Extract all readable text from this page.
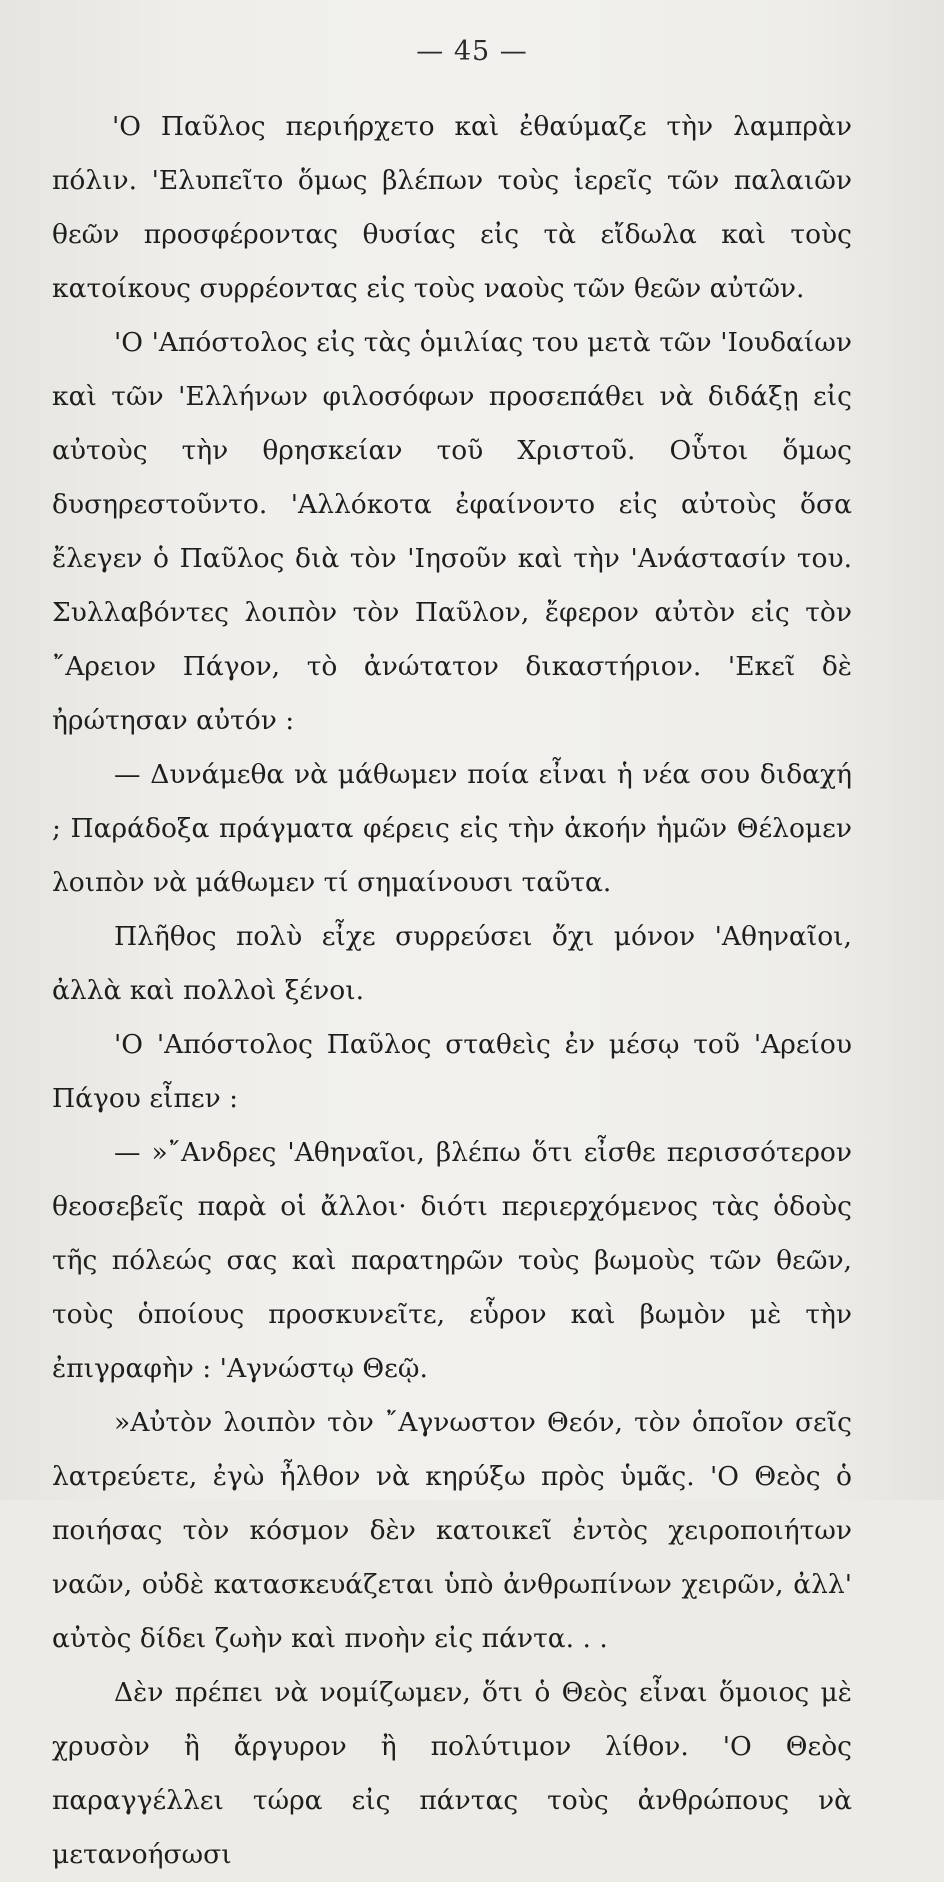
— 45 —

'Ο Παῦλος περιήρχετο καὶ ἐθαύμαζε τὴν λαμπρὰν πόλιν. 'Ελυπεῖτο ὅμως βλέπων τοὺς ἱερεῖς τῶν παλαιῶν θεῶν προσφέροντας θυσίας εἰς τὰ εἴδωλα καὶ τοὺς κατοίκους συρρέοντας εἰς τοὺς ναοὺς τῶν θεῶν αὐτῶν.

'Ο 'Απόστολος εἰς τὰς ὁμιλίας του μετὰ τῶν 'Ιουδαίων καὶ τῶν 'Ελλήνων φιλοσόφων προσεπάθει νὰ διδάξῃ εἰς αὐτοὺς τὴν θρησκείαν τοῦ Χριστοῦ. Οὗτοι ὅμως δυσηρεστοῦντο. 'Αλλόκοτα ἐφαίνοντο εἰς αὐτοὺς ὅσα ἔλεγεν ὁ Παῦλος διὰ τὸν 'Ιησοῦν καὶ τὴν 'Ανάστασίν του. Συλλαβόντες λοιπὸν τὸν Παῦλον, ἔφερον αὐτὸν εἰς τὸν ῎Αρειον Πάγον, τὸ ἀνώτατον δικαστήριον. 'Εκεῖ δὲ ἠρώτησαν αὐτόν :

— Δυνάμεθα νὰ μάθωμεν ποία εἶναι ἡ νέα σου διδαχή ; Παράδοξα πράγματα φέρεις εἰς τὴν ἀκοήν ἡμῶν Θέλομεν λοιπὸν νὰ μάθωμεν τί σημαίνουσι ταῦτα.

Πλῆθος πολὺ εἶχε συρρεύσει ὄχι μόνον 'Αθηναῖοι, ἀλλὰ καὶ πολλοὶ ξένοι.

'Ο 'Απόστολος Παῦλος σταθεὶς ἐν μέσῳ τοῦ 'Αρείου Πάγου εἶπεν :

— »῎Ανδρες 'Αθηναῖοι, βλέπω ὅτι εἶσθε περισσότερον θεοσεβεῖς παρὰ οἱ ἄλλοι· διότι περιερχόμενος τὰς ὁδοὺς τῆς πόλεώς σας καὶ παρατηρῶν τοὺς βωμοὺς τῶν θεῶν, τοὺς ὁποίους προσκυνεῖτε, εὗρον καὶ βωμὸν μὲ τὴν ἐπιγραφὴν : 'Αγνώστῳ Θεῷ.

»Αὐτὸν λοιπὸν τὸν ῎Αγνωστον Θεόν, τὸν ὁποῖον σεῖς λατρεύετε, ἐγὼ ἦλθον νὰ κηρύξω πρὸς ὑμᾶς. 'Ο Θεὸς ὁ ποιήσας τὸν κόσμον δὲν κατοικεῖ ἐντὸς χειροποιήτων ναῶν, οὐδὲ κατασκευάζεται ὑπὸ ἀνθρωπίνων χειρῶν, ἀλλ' αὐτὸς δίδει ζωὴν καὶ πνοὴν εἰς πάντα. . .

Δὲν πρέπει νὰ νομίζωμεν, ὅτι ὁ Θεὸς εἶναι ὅμοιος μὲ χρυσὸν ἢ ἄργυρον ἢ πολύτιμον λίθον. 'Ο Θεὸς παραγγέλλει τώρα εἰς πάντας τοὺς ἀνθρώπους νὰ μετανοήσωσι
